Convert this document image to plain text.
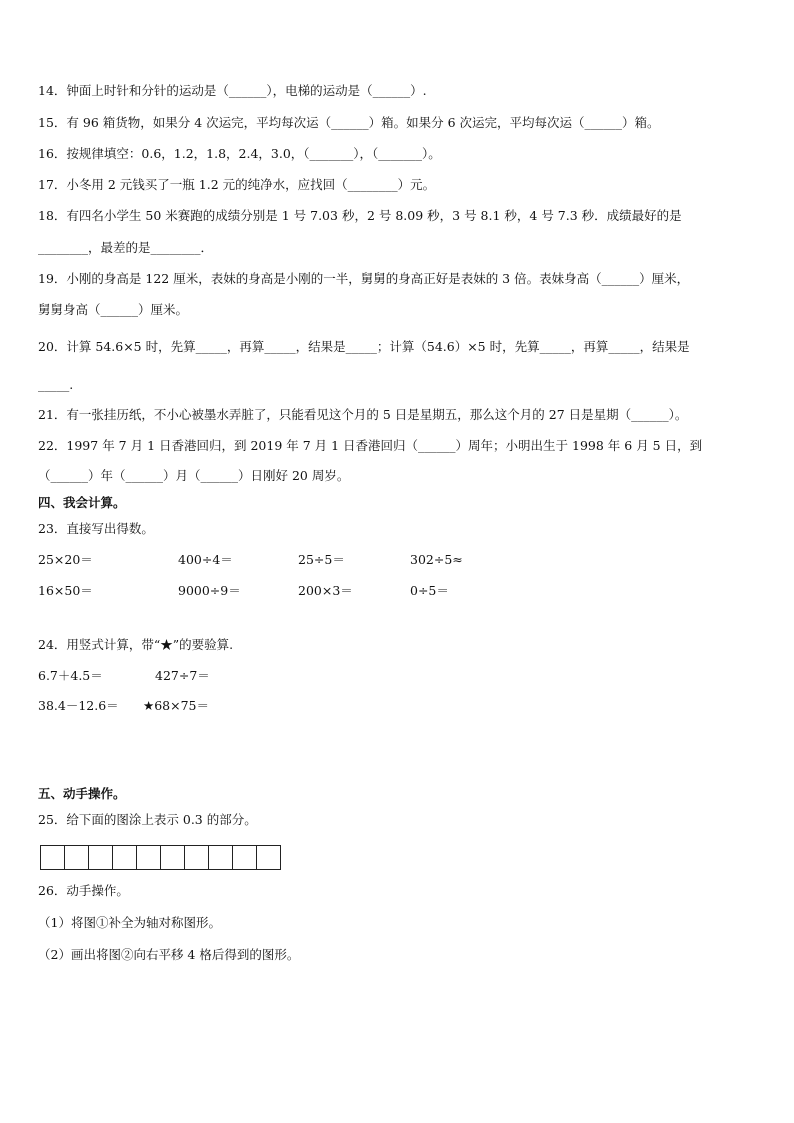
14．钟面上时针和分针的运动是（______），电梯的运动是（______）.
15．有 96 箱货物，如果分 4 次运完，平均每次运（______）箱。如果分 6 次运完，平均每次运（______）箱。
16．按规律填空：0.6，1.2，1.8，2.4，3.0，（_______），（_______）。
17．小冬用 2 元钱买了一瓶 1.2 元的纯净水，应找回（________）元。
18．有四名小学生 50 米赛跑的成绩分别是 1 号 7.03 秒，2 号 8.09 秒，3 号 8.1 秒，4 号 7.3 秒．成绩最好的是
________，最差的是________．
19．小刚的身高是 122 厘米，表妹的身高是小刚的一半，舅舅的身高正好是表妹的 3 倍。表妹身高（______）厘米，
舅舅身高（______）厘米。
20．计算 54.6×5 时，先算_____，再算_____，结果是_____；计算（54.6）×5 时，先算_____，再算_____，结果是
_____.
21．有一张挂历纸，不小心被墨水弄脏了，只能看见这个月的 5 日是星期五，那么这个月的 27 日是星期（______）。
22．1997 年 7 月 1 日香港回归，到 2019 年 7 月 1 日香港回归（______）周年；小明出生于 1998 年 6 月 5 日，到
（______）年（______）月（______）日刚好 20 周岁。
四、我会计算。
23．直接写出得数。
25×20＝	400÷4＝	25÷5＝	302÷5≈
16×50＝	9000÷9＝	200×3＝	0÷5＝
24．用竖式计算，带“★”的要验算.
6.7＋4.5＝	427÷7＝
38.4－12.6＝ ★68×75＝
五、动手操作。
25．给下面的图涂上表示 0.3 的部分。
26．动手操作。
（1）将图①补全为轴对称图形。
（2）画出将图②向右平移 4 格后得到的图形。
